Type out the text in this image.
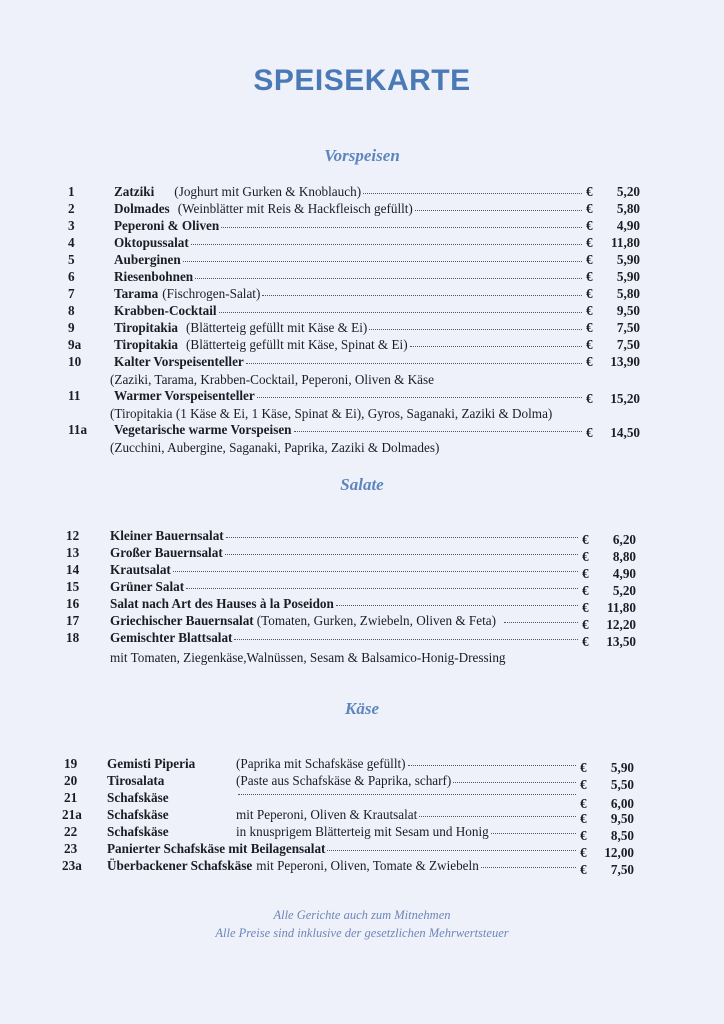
SPEISEKARTE
Vorspeisen
1	Zatziki (Joghurt mit Gurken & Knoblauch)	€ 5,20
2	Dolmades (Weinblätter mit Reis & Hackfleisch gefüllt)	€ 5,80
3	Peperoni & Oliven	€ 4,90
4	Oktopussalat	€ 11,80
5	Auberginen	€ 5,90
6	Riesenbohnen	€ 5,90
7	Tarama (Fischrogen-Salat)	€ 5,80
8	Krabben-Cocktail	€ 9,50
9	Tiropitakia (Blätterteig gefüllt mit Käse & Ei)	€ 7,50
9a Tiropitakia (Blätterteig gefüllt mit Käse, Spinat & Ei)	€ 7,50
10 Kalter Vorspeisenteller	€ 13,90
(Zaziki, Tarama, Krabben-Cocktail, Peperoni, Oliven & Käse
11	Warmer Vorspeisenteller	€ 15,20
(Tiropitakia (1 Käse & Ei, 1 Käse, Spinat & Ei), Gyros, Saganaki, Zaziki & Dolma)
11a Vegetarische warme Vorspeisen	€ 14,50
(Zucchini, Aubergine, Saganaki, Paprika, Zaziki & Dolmades)
Salate
12 Kleiner Bauernsalat	€ 6,20
13 Großer Bauernsalat	€ 8,80
14 Krautsalat	€ 4,90
15 Grüner Salat	€ 5,20
16 Salat nach Art des Hauses à la Poseidon	€ 11,80
17 Griechischer Bauernsalat (Tomaten, Gurken, Zwiebeln, Oliven & Feta)	€ 12,20
18 Gemischter Blattsalat	€ 13,50
mit Tomaten, Ziegenkäse,Walnüssen, Sesam & Balsamico-Honig-Dressing
Käse
19 Gemisti Piperia	(Paprika mit Schafskäse gefüllt)	€ 5,90
20 Tirosalata	(Paste aus Schafskäse & Paprika, scharf)	€ 5,50
21 Schafskäse	€ 6,00
21a Schafskäse	mit Peperoni, Oliven & Krautsalat	€ 9,50
22 Schafskäse	in knusprigem Blätterteig mit Sesam und Honig	€ 8,50
23 Panierter Schafskäse mit Beilagensalat	€ 12,00
23a Überbackener Schafskäse mit Peperoni, Oliven, Tomate & Zwiebeln	€ 7,50
Alle Gerichte auch zum Mitnehmen
Alle Preise sind inklusive der gesetzlichen Mehrwertsteuer
